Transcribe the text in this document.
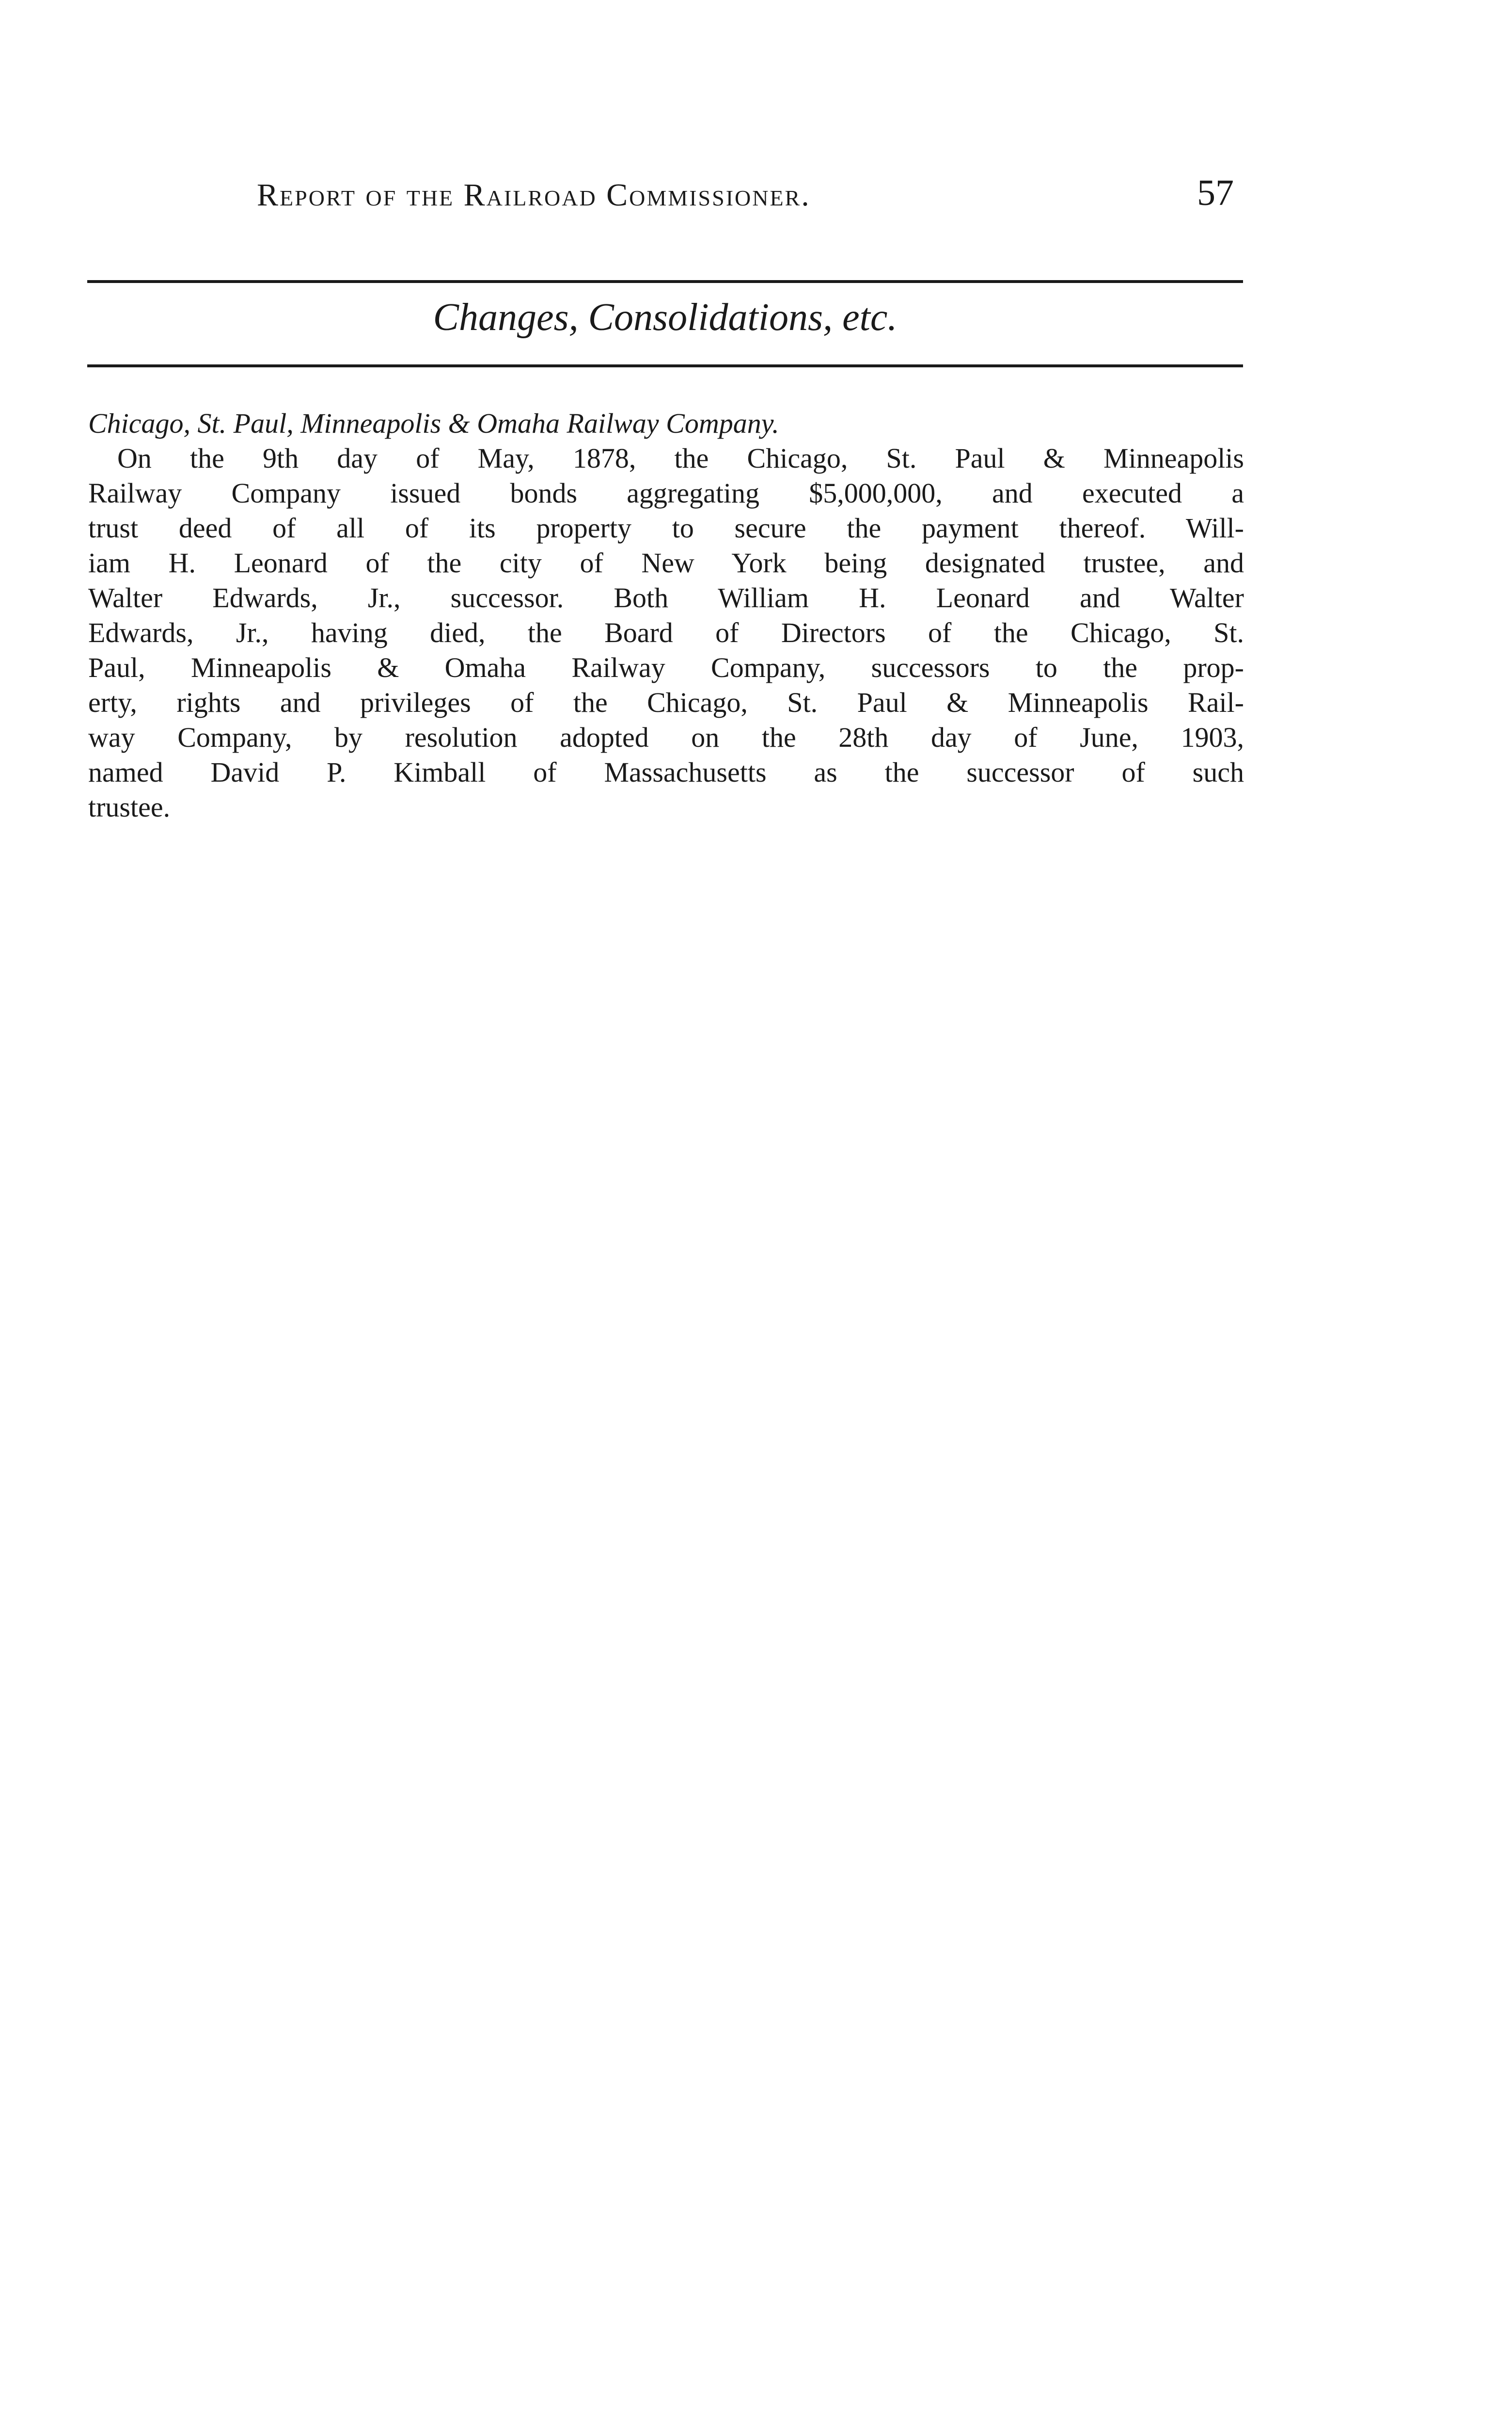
Report of the Railroad Commissioner.	57
Changes, Consolidations, etc.
Chicago, St. Paul, Minneapolis & Omaha Railway Company.

On the 9th day of May, 1878, the Chicago, St. Paul & Minneapolis
Railway Company issued bonds aggregating $5,000,000, and executed a
trust deed of all of its property to secure the payment thereof. Will-
iam H. Leonard of the city of New York being designated trustee, and
Walter Edwards, Jr., successor. Both William H. Leonard and Walter
Edwards, Jr., having died, the Board of Directors of the Chicago, St.
Paul, Minneapolis & Omaha Railway Company, successors to the prop-
erty, rights and privileges of the Chicago, St. Paul & Minneapolis Rail-
way Company, by resolution adopted on the 28th day of June, 1903,
named David P. Kimball of Massachusetts as the successor of such
trustee.
